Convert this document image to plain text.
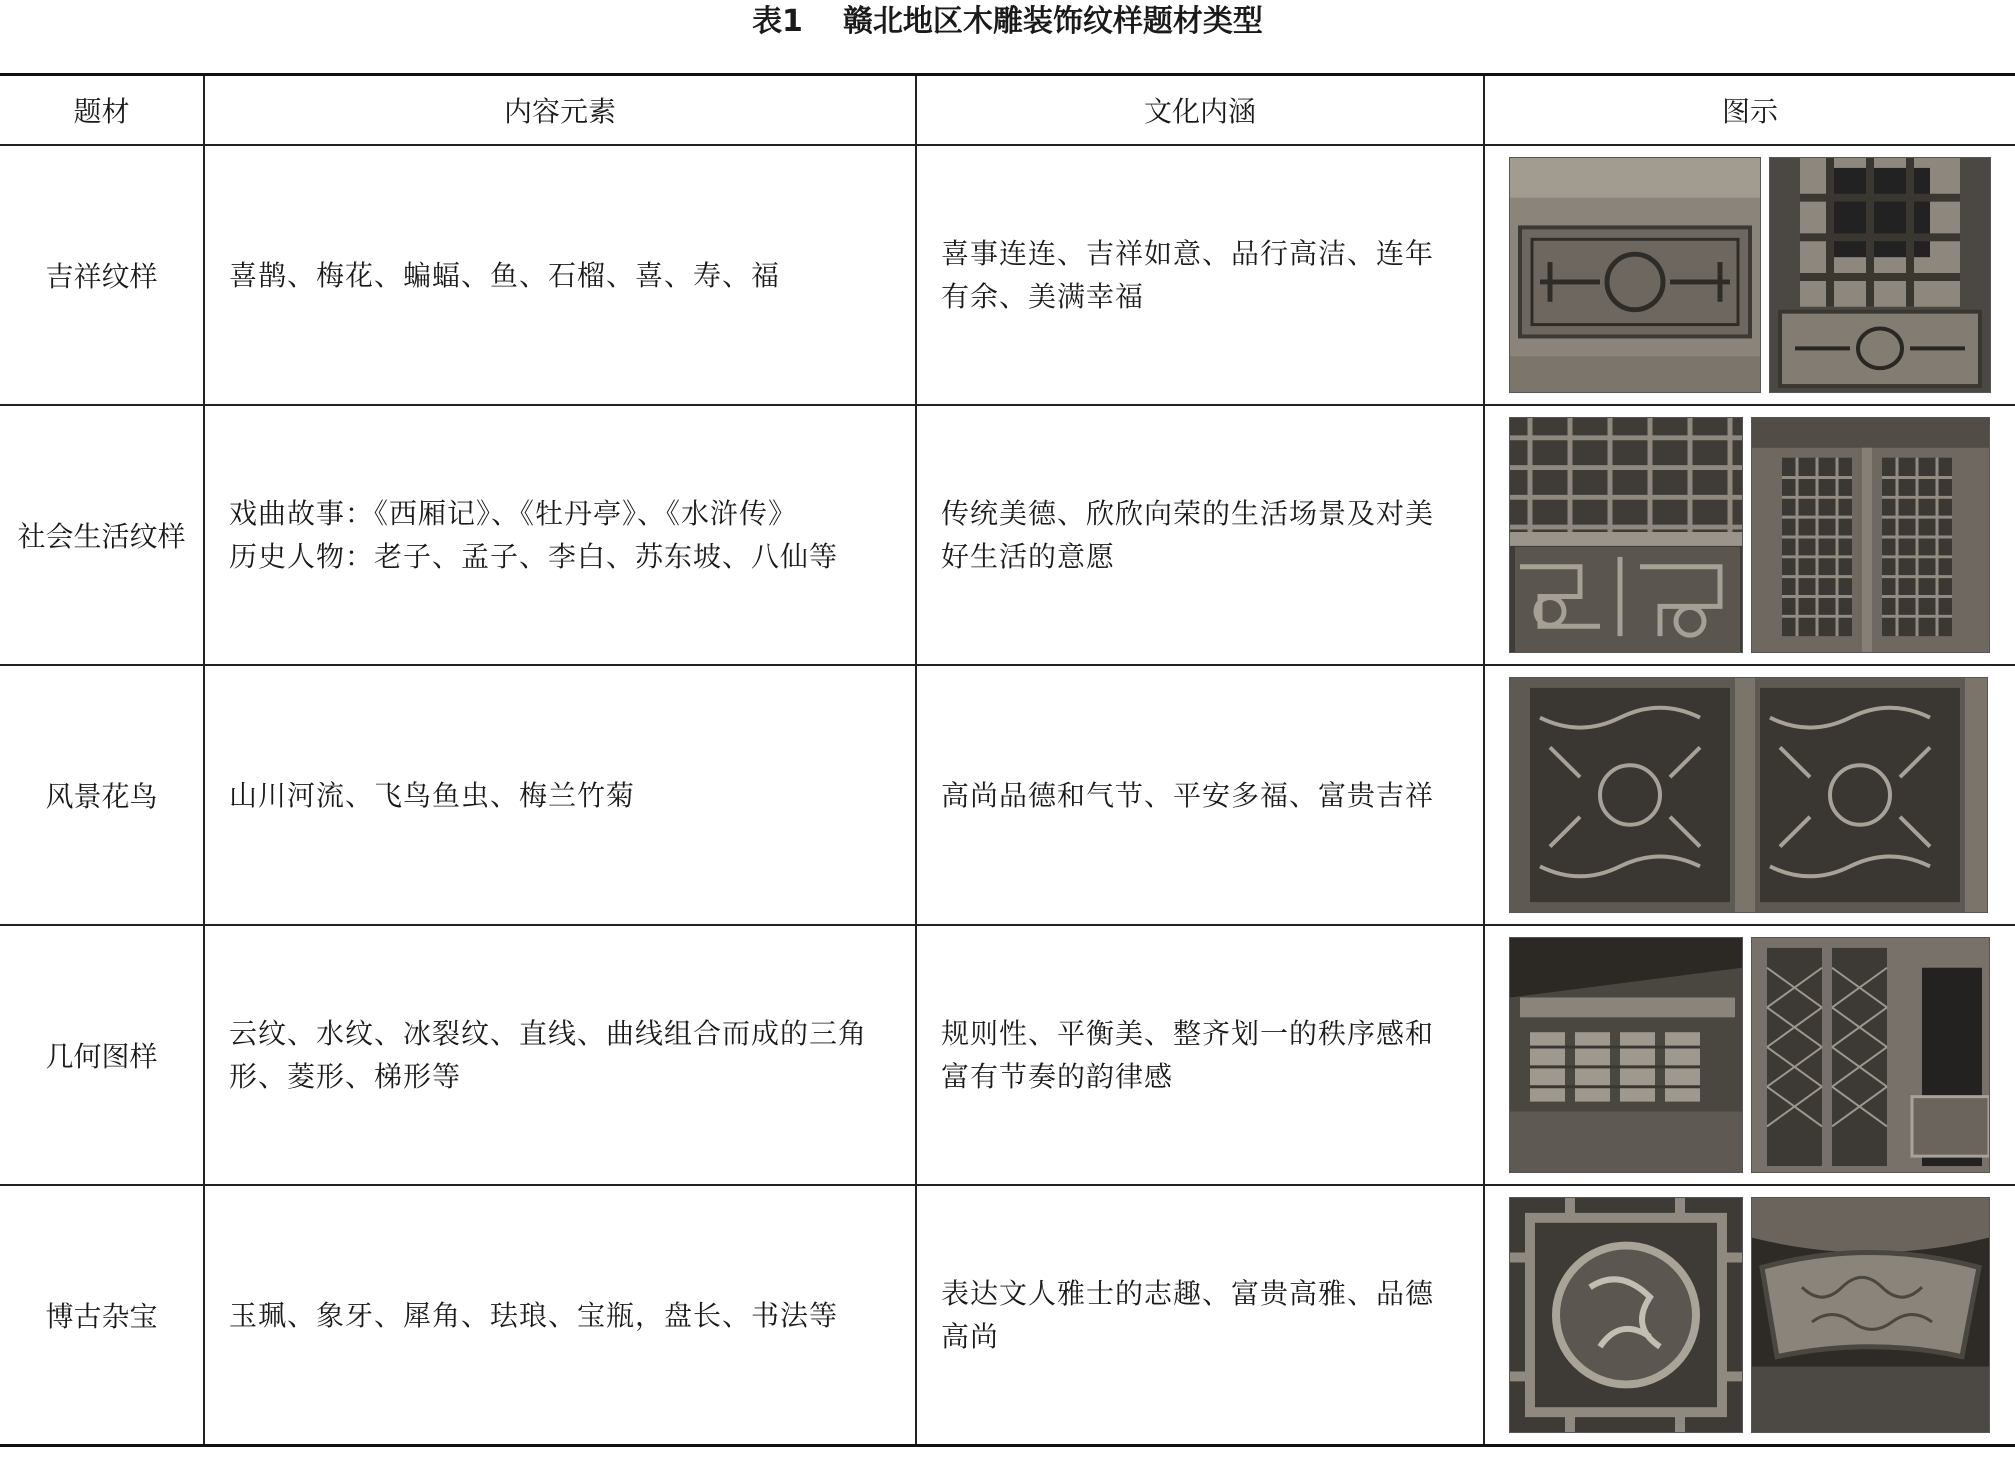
表1 赣北地区木雕装饰纹样题材类型
题材	内容元素	文化内涵	图示
吉祥纹样	喜鹊、梅花、蝙蝠、鱼、石榴、喜、寿、福	喜事连连、吉祥如意、品行高洁、连年
有余、美满幸福

社会生活纹样	戏曲故事：《西厢记》、《牡丹亭》、《水浒传》
历史人物：老子、孟子、李白、苏东坡、八仙等	传统美德、欣欣向荣的生活场景及对美
好生活的意愿

风景花鸟	山川河流、飞鸟鱼虫、梅兰竹菊	高尚品德和气节、平安多福、富贵吉祥

几何图样	云纹、水纹、冰裂纹、直线、曲线组合而成的三角
形、菱形、梯形等	规则性、平衡美、整齐划一的秩序感和
富有节奏的韵律感

博古杂宝	玉珮、象牙、犀角、珐琅、宝瓶，盘长、书法等	表达文人雅士的志趣、富贵高雅、品德
高尚
